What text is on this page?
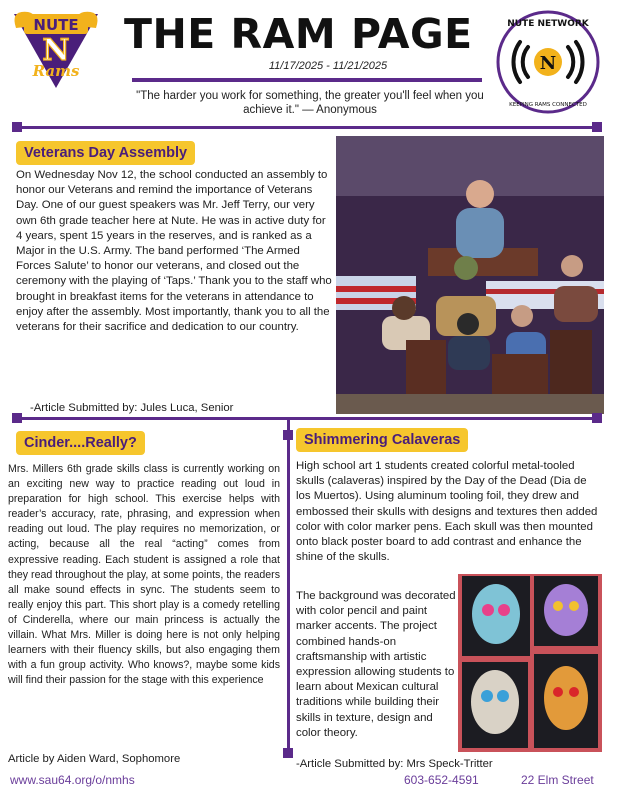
NUTE
N
Rams
THE RAM PAGE
11/17/2025 - 11/21/2025
"The harder you work for something, the greater you'll feel when you achieve it." — Anonymous
N
NUTE NETWORK
KEEPING RAMS CONNECTED
Veterans Day Assembly
On Wednesday Nov 12, the school conducted an assembly to honor our Veterans and remind the importance of Veterans Day. One of our guest speakers was Mr. Jeff Terry, our very own 6th grade teacher here at Nute. He was in active duty for 4 years, spent 15 years in the reserves, and is ranked as a Major in the U.S. Army. The band performed ‘The Armed Forces Salute’ to honor our veterans, and closed out the ceremony with the playing of ‘Taps.’ Thank you to the staff who brought in breakfast items for the veterans in attendance to enjoy after the assembly. Most importantly, thank you to all the veterans for their sacrifice and dedication to our country.
-Article Submitted by: Jules Luca, Senior
Cinder....Really?
Mrs. Millers 6th grade skills class is currently working on an exciting new way to practice reading out loud in preparation for high school. This exercise helps with reader’s accuracy, rate, phrasing, and expression when reading out loud. The play requires no memorization, or acting, because all the real “acting” comes from expressive reading. Each student is assigned a role that they read throughout the play, at some points, the readers all make sound effects in sync. The students seem to really enjoy this part. This short play is a comedy retelling of Cinderella, where our main princess is actually the villain. What Mrs. Miller is doing here is not only helping learners with their fluency skills, but also engaging them with a fun group activity. Who knows?, maybe some kids will find their passion for the stage with this experience
Article by Aiden Ward, Sophomore
Shimmering Calaveras
High school art 1 students created colorful metal-tooled skulls (calaveras) inspired by the Day of the Dead (Dia de los Muertos). Using aluminum tooling foil, they drew and embossed their skulls with designs and textures then added color with color marker pens. Each skull was then mounted onto black poster board to add contrast and enhance the shine of the skulls.
The background was decorated with color pencil and paint marker accents. The project combined hands-on craftsmanship with artistic expression allowing students to learn about Mexican cultural traditions while building their skills in texture, design and color theory.
-Article Submitted by: Mrs Speck-Tritter
www.sau64.org/o/nmhs	603-652-4591	22 Elm Street
